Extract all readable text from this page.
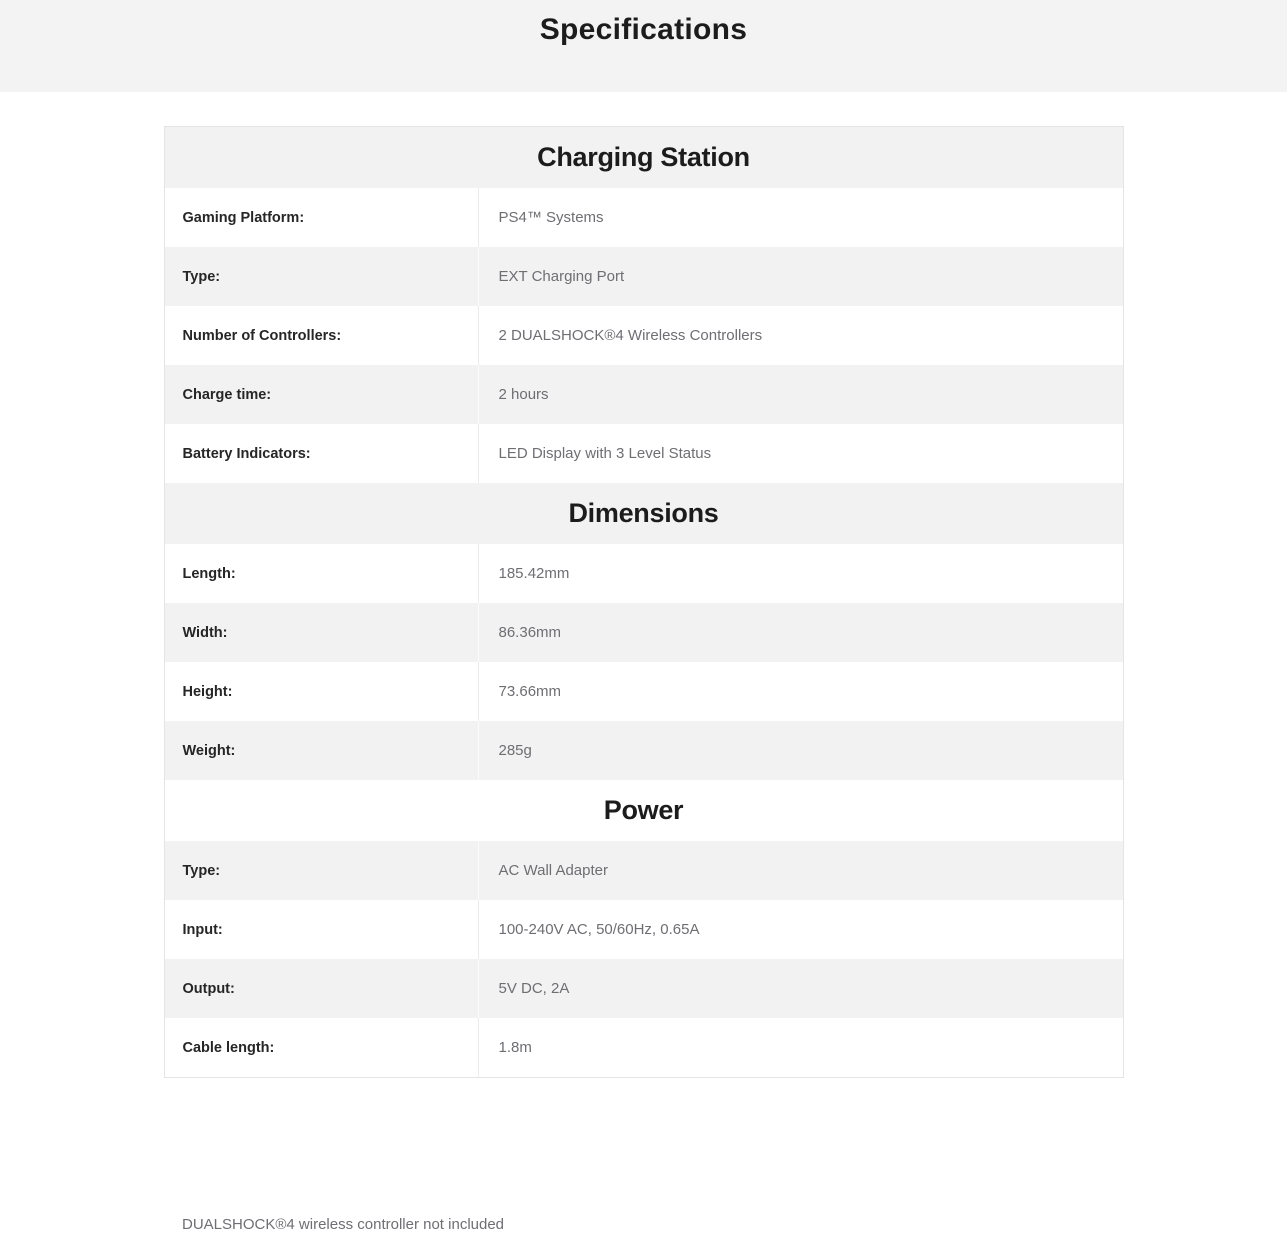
Specifications
Charging Station
Gaming Platform:	PS4™ Systems
Type:	EXT Charging Port
Number of Controllers:	2 DUALSHOCK®4 Wireless Controllers
Charge time:	2 hours
Battery Indicators:	LED Display with 3 Level Status
Dimensions
Length:	185.42mm
Width:	86.36mm
Height:	73.66mm
Weight:	285g
Power
Type:	AC Wall Adapter
Input:	100-240V AC, 50/60Hz, 0.65A
Output:	5V DC, 2A
Cable length:	1.8m
DUALSHOCK®4 wireless controller not included
